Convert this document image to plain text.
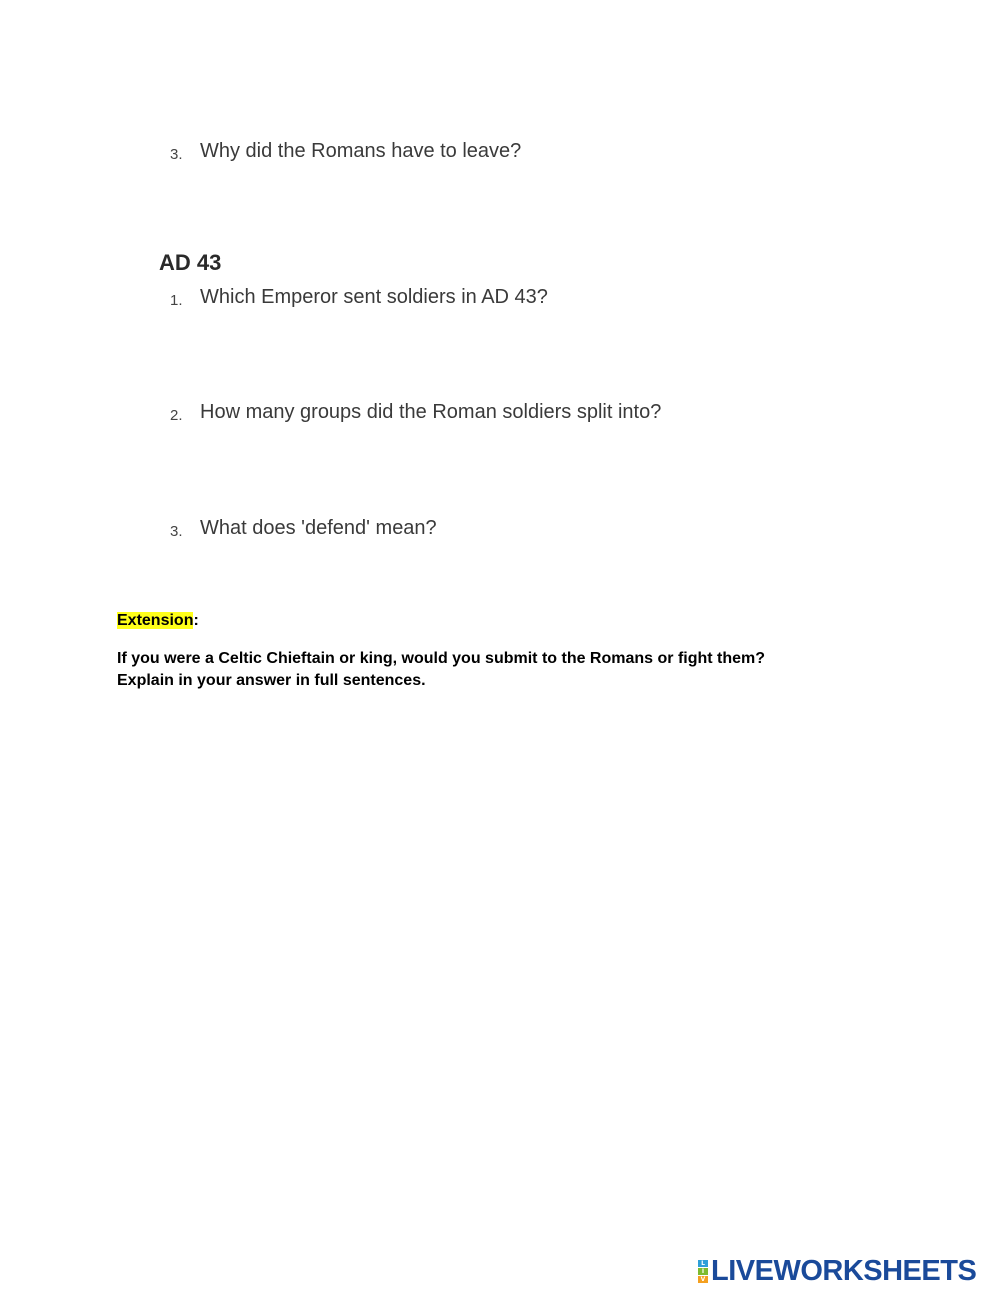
3. Why did the Romans have to leave?
AD 43
1. Which Emperor sent soldiers in AD 43?
2. How many groups did the Roman soldiers split into?
3. What does 'defend' mean?
Extension:
If you were a Celtic Chieftain or king, would you submit to the Romans or fight them?
Explain in your answer in full sentences.
L
I
V LIVEWORKSHEETS
